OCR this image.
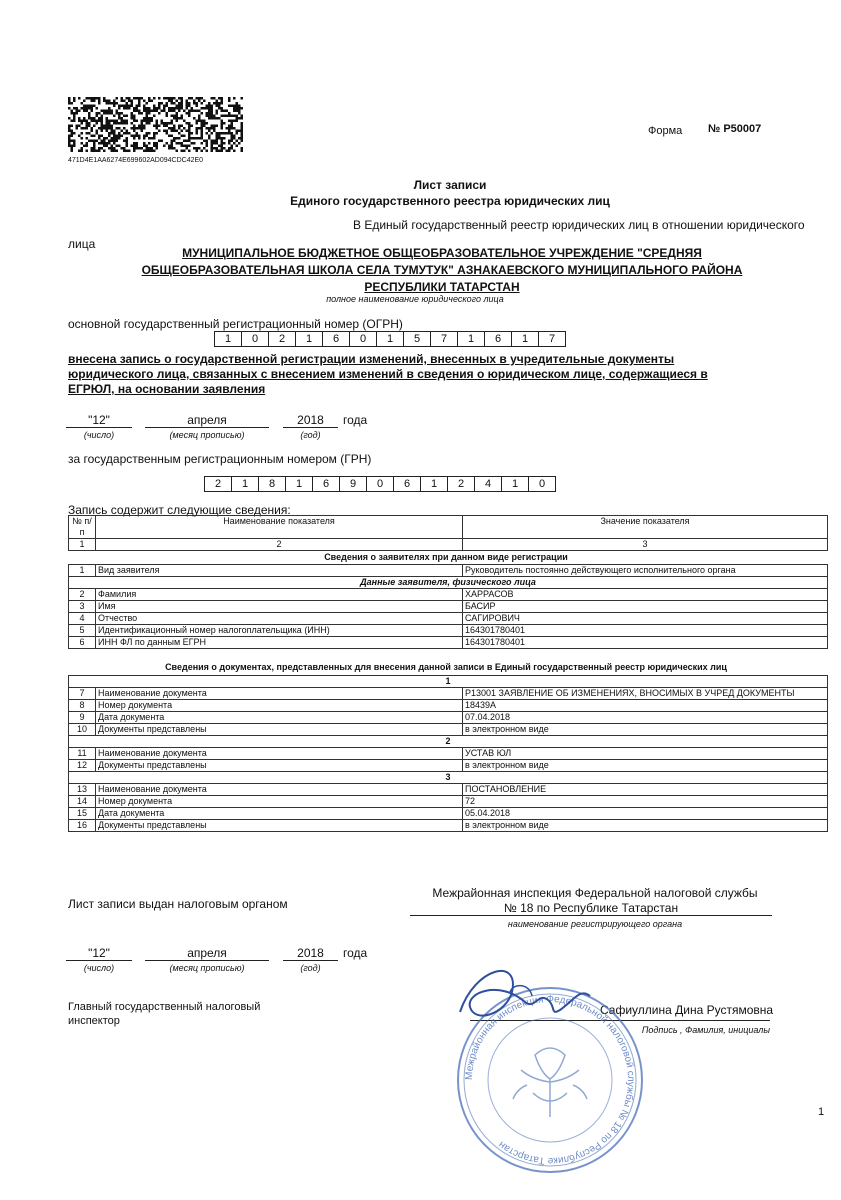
471D4E1AA6274E699602AD094CDC42E0
Форма № Р50007
Лист записи
Единого государственного реестра юридических лиц
В Единый государственный реестр юридических лиц в отношении юридического
лица
МУНИЦИПАЛЬНОЕ БЮДЖЕТНОЕ ОБЩЕОБРАЗОВАТЕЛЬНОЕ УЧРЕЖДЕНИЕ "СРЕДНЯЯ
ОБЩЕОБРАЗОВАТЕЛЬНАЯ ШКОЛА СЕЛА ТУМУТУК" АЗНАКАЕВСКОГО МУНИЦИПАЛЬНОГО РАЙОНА
РЕСПУБЛИКИ ТАТАРСТАН
полное наименование юридического лица
основной государственный регистрационный номер (ОГРН)
1	0	2	1	6	0	1	5	7	1	6	1	7
внесена запись о государственной регистрации изменений, внесенных в учредительные документы
юридического лица, связанных с внесением изменений в сведения о юридическом лице, содержащиеся в
ЕГРЮЛ, на основании заявления
"12"	апреля	2018	года
(число)	(месяц прописью)	(год)
за государственным регистрационным номером (ГРН)
2	1	8	1	6	9	0	6	1	2	4	1	0
Запись содержит следующие сведения:
№ п/п	Наименование показателя	Значение показателя
1	2	3
Сведения о заявителях при данном виде регистрации
1	Вид заявителя	Руководитель постоянно действующего исполнительного органа
Данные заявителя, физического лица		
2	Фамилия	ХАРРАСОВ
3	Имя	БАСИР
4	Отчество	САГИРОВИЧ
5	Идентификационный номер налогоплательщика (ИНН)	164301780401
6	ИНН ФЛ по данным ЕГРН	164301780401
Сведения о документах, представленных для внесения данной записи в Единый государственный реестр юридических лиц
1		
7	Наименование документа	Р13001 ЗАЯВЛЕНИЕ ОБ ИЗМЕНЕНИЯХ, ВНОСИМЫХ В УЧРЕД ДОКУМЕНТЫ
8	Номер документа	18439А
9	Дата документа	07.04.2018
10	Документы представлены	в электронном виде
2		
11	Наименование документа	УСТАВ ЮЛ
12	Документы представлены	в электронном виде
3		
13	Наименование документа	ПОСТАНОВЛЕНИЕ
14	Номер документа	72
15	Дата документа	05.04.2018
16	Документы представлены	в электронном виде
Лист записи выдан налоговым органом
Межрайонная инспекция Федеральной налоговой службы
№ 18 по Республике Татарстан
наименование регистрирующего органа
"12"	апреля	2018	года
(число)	(месяц прописью)	(год)
Главный государственный налоговый
инспектор
Сафиуллина Дина Рустямовна
Подпись , Фамилия, инициалы
Межрайонная инспекция Федеральной налоговой службы № 18 по Республике Татарстан
1
